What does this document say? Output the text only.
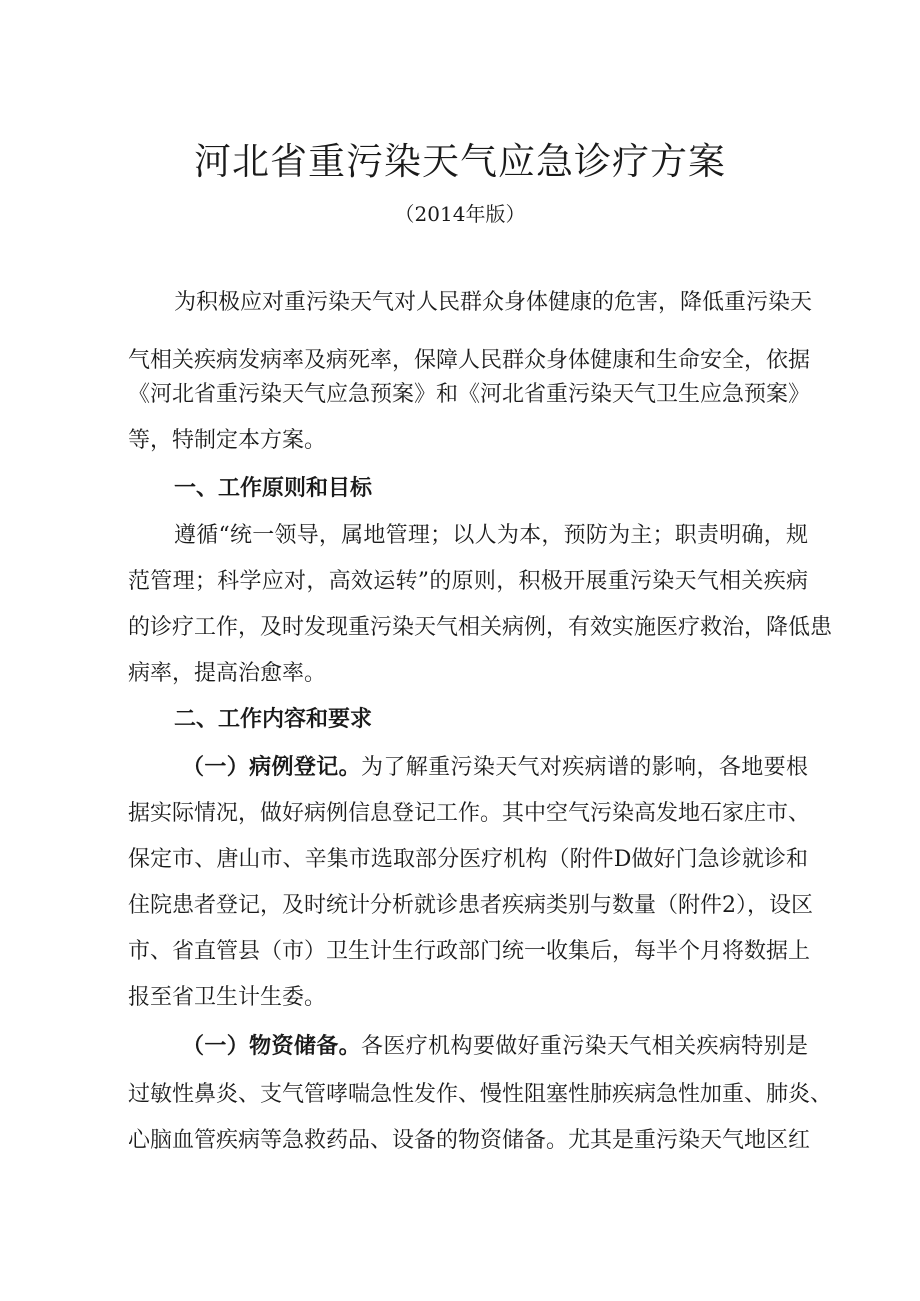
河北省重污染天气应急诊疗方案
（2014年版）

为积极应对重污染天气对人民群众身体健康的危害，降低重污染天

气相关疾病发病率及病死率，保障人民群众身体健康和生命安全，依据

《河北省重污染天气应急预案》和《河北省重污染天气卫生应急预案》

等，特制定本方案。

一、工作原则和目标

遵循“统一领导，属地管理；以人为本，预防为主；职责明确，规

范管理；科学应对，高效运转”的原则，积极开展重污染天气相关疾病

的诊疗工作，及时发现重污染天气相关病例，有效实施医疗救治，降低患

病率，提高治愈率。

二、工作内容和要求

（一）病例登记。为了解重污染天气对疾病谱的影响，各地要根

据实际情况，做好病例信息登记工作。其中空气污染高发地石家庄市、

保定市、唐山市、辛集市选取部分医疗机构（附件D做好门急诊就诊和

住院患者登记，及时统计分析就诊患者疾病类别与数量（附件2），设区

市、省直管县（市）卫生计生行政部门统一收集后，每半个月将数据上

报至省卫生计生委。

（一）物资储备。各医疗机构要做好重污染天气相关疾病特别是

过敏性鼻炎、支气管哮喘急性发作、慢性阻塞性肺疾病急性加重、肺炎、

心脑血管疾病等急救药品、设备的物资储备。尤其是重污染天气地区红
